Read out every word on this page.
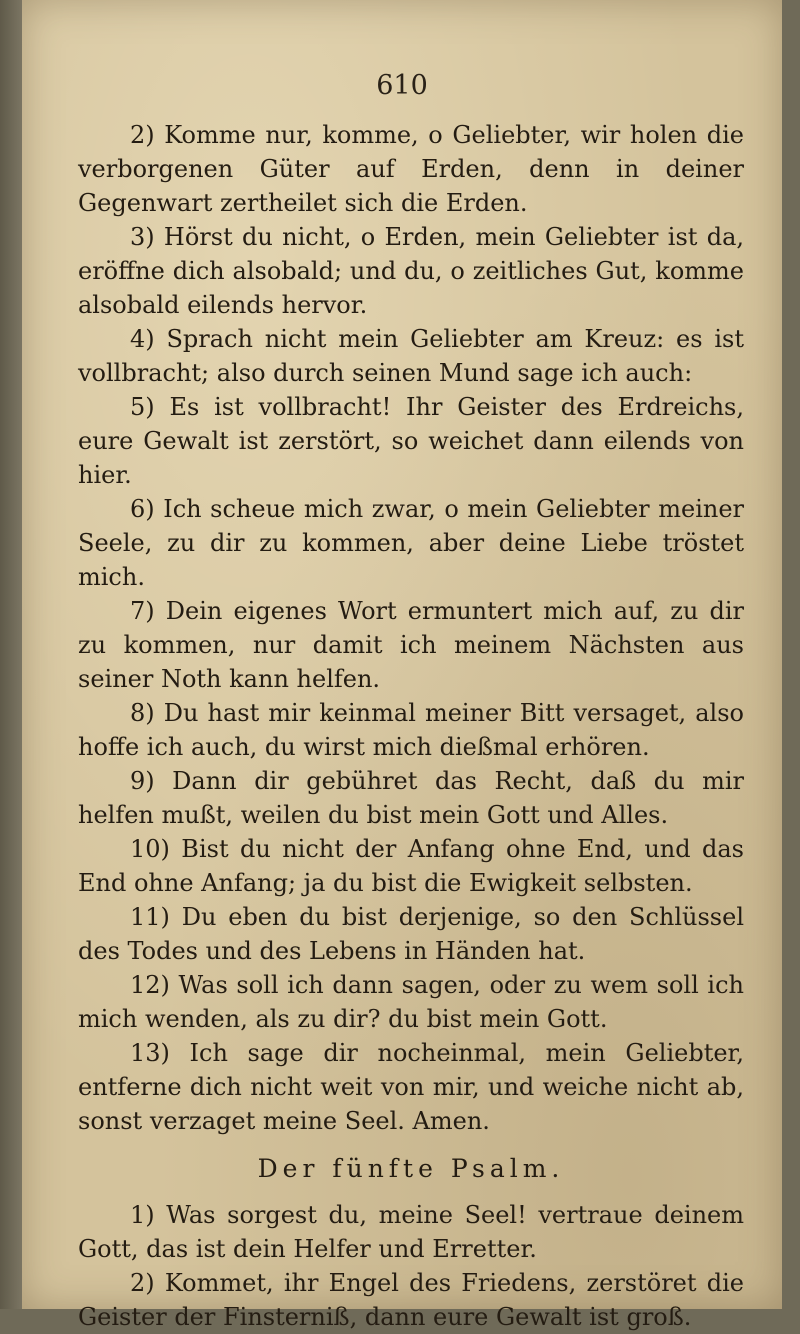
610

2) Komme nur, komme, o Geliebter, wir holen die verborgenen Güter auf Erden, denn in deiner Gegenwart zertheilet sich die Erden.

3) Hörst du nicht, o Erden, mein Geliebter ist da, eröffne dich alsobald; und du, o zeitliches Gut, komme alsobald eilends hervor.

4) Sprach nicht mein Geliebter am Kreuz: es ist vollbracht; also durch seinen Mund sage ich auch:

5) Es ist vollbracht! Ihr Geister des Erdreichs, eure Gewalt ist zerstört, so weichet dann eilends von hier.

6) Ich scheue mich zwar, o mein Geliebter meiner Seele, zu dir zu kommen, aber deine Liebe tröstet mich.

7) Dein eigenes Wort ermuntert mich auf, zu dir zu kommen, nur damit ich meinem Nächsten aus seiner Noth kann helfen.

8) Du hast mir keinmal meiner Bitt versaget, also hoffe ich auch, du wirst mich dießmal erhören.

9) Dann dir gebühret das Recht, daß du mir helfen mußt, weilen du bist mein Gott und Alles.

10) Bist du nicht der Anfang ohne End, und das End ohne Anfang; ja du bist die Ewigkeit selbsten.

11) Du eben du bist derjenige, so den Schlüssel des Todes und des Lebens in Händen hat.

12) Was soll ich dann sagen, oder zu wem soll ich mich wenden, als zu dir? du bist mein Gott.

13) Ich sage dir nocheinmal, mein Geliebter, entferne dich nicht weit von mir, und weiche nicht ab, sonst verzaget meine Seel. Amen.

Der fünfte Psalm.

1) Was sorgest du, meine Seel! vertraue deinem Gott, das ist dein Helfer und Erretter.

2) Kommet, ihr Engel des Friedens, zerstöret die Geister der Finsterniß, dann eure Gewalt ist groß.
